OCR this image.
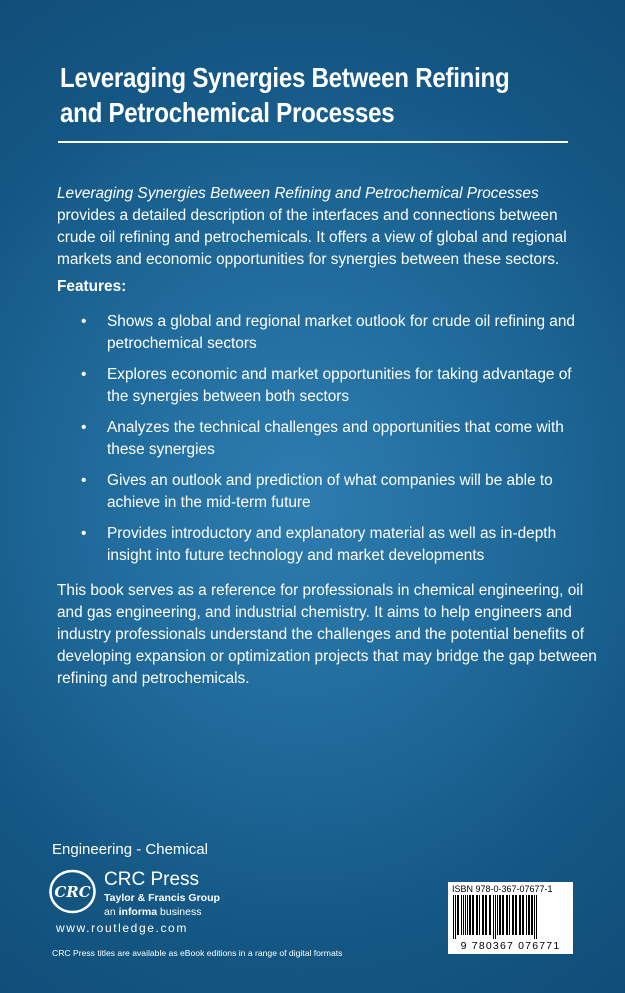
Leveraging Synergies Between Refining
and Petrochemical Processes
Leveraging Synergies Between Refining and Petrochemical Processes provides a detailed description of the interfaces and connections between crude oil refining and petrochemicals. It offers a view of global and regional markets and economic opportunities for synergies between these sectors.
Features:
• Shows a global and regional market outlook for crude oil refining and petrochemical sectors
• Explores economic and market opportunities for taking advantage of the synergies between both sectors
• Analyzes the technical challenges and opportunities that come with these synergies
• Gives an outlook and prediction of what companies will be able to achieve in the mid-term future
• Provides introductory and explanatory material as well as in-depth insight into future technology and market developments
This book serves as a reference for professionals in chemical engineering, oil and gas engineering, and industrial chemistry. It aims to help engineers and industry professionals understand the challenges and the potential benefits of developing expansion or optimization projects that may bridge the gap between refining and petrochemicals.
Engineering - Chemical
CRC
CRC Press
Taylor & Francis Group
an informa business
www.routledge.com
CRC Press titles are available as eBook editions in a range of digital formats
ISBN 978-0-367-07677-1
9 780367 076771
